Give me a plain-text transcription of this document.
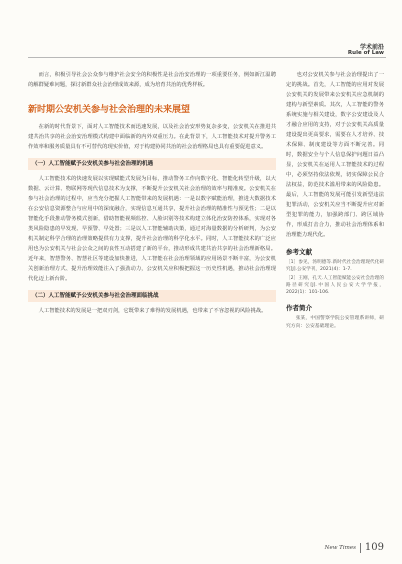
学术前沿
Rule of Law

而言，积极引导社会公众参与维护社会安全的积极性是社会治安治理的一项重要任务，例如新江温聘的解群疑难问题，探讨新群众社会治理成效来源，成为培育共治的优秀样板。

新时期公安机关参与社会治理的未来展望

在新的时代背景下，面对人工智能技术而迅速发展，以及社会治安形势复杂多变，公安机关在推进共建共治共享的社会治安治理模式构建中面临新的内外双重压力。在此背景下，人工智能技术对提升警务工作效率和服务质量具有不可替代的现实价值，对于构建协同共治的社会治理格局也具有重要促进意义。

（一）人工智能赋予公安机关参与社会治理的机遇

人工智能技术的快速发展以实现赋能式发展为目标，推动警务工作向数字化、智能化转型升级，以大数据、云计算、物联网等现代信息技术为支撑，不断提升公安机关社会治理的效率与精准度。公安机关在参与社会治理的过程中，应当充分把握人工智能带来的发展机遇：一是以数字赋能治理，推进大数据技术在公安信息资源整合与应用中的深度融合，实现信息互通共享，提升社会治理的精准性与预见性；二是以智能化手段推动警务模式创新，借助智能视频监控、人脸识别等技术构建立体化治安防控体系，实现对各类风险隐患的早发现、早预警、早处置；三是以人工智能辅助决策，通过对海量数据的分析研判，为公安机关制定科学合理的治理策略提供有力支撑，提升社会治理的科学化水平。同时，人工智能技术的广泛应用也为公安机关与社会公众之间的良性互动搭建了新的平台，推动形成共建共治共享的社会治理新格局。近年来，智慧警务、智慧社区等建设加快推进，人工智能在社会治理领域的应用场景不断丰富，为公安机关创新治理方式、提升治理效能注入了强劲动力，公安机关应积极把握这一历史性机遇，推动社会治理现代化迈上新台阶。

（二）人工智能赋予公安机关参与社会治理面临挑战

人工智能技术的发展是一把双刃剑，它既带来了难得的发展机遇，也带来了不容忽视的风险挑战。

也对公安机关参与社会治理提出了一定的挑战。首先，人工智能的应用对发展公安机关的发展带来公安机关应急机制的建构与新型素质。其次，人工智能的警务系统实施与相关建设，数字公安建设及人才融合应用的支持，对于公安机关高质量建设提出更高要求，需要在人才培养、技术保障、制度建设等方面不断完善。同时，数据安全与个人信息保护问题日益凸显，公安机关在运用人工智能技术的过程中，必须坚持依法依规，切实保障公民合法权益，防范技术滥用带来的风险隐患。最后，人工智能的发展可能引发新型违法犯罪活动，公安机关应当不断提升应对新型犯罪的能力，加强跨部门、跨区域协作，形成打击合力，推动社会治理体系和治理能力现代化。

参考文献

［1］参见，汤明德等.新时代社会治理现代化研究[J].公安学刊，2021(4)：1-7.

［2］王刚，孔天.人工智能赋能公安社会治理的路径研究[J].中国人民公安大学学报，2022(1)：101-106.

作者简介

张某，中国警察学院公安管理系讲师，研究方向：公安基础理论。

New Times 109
